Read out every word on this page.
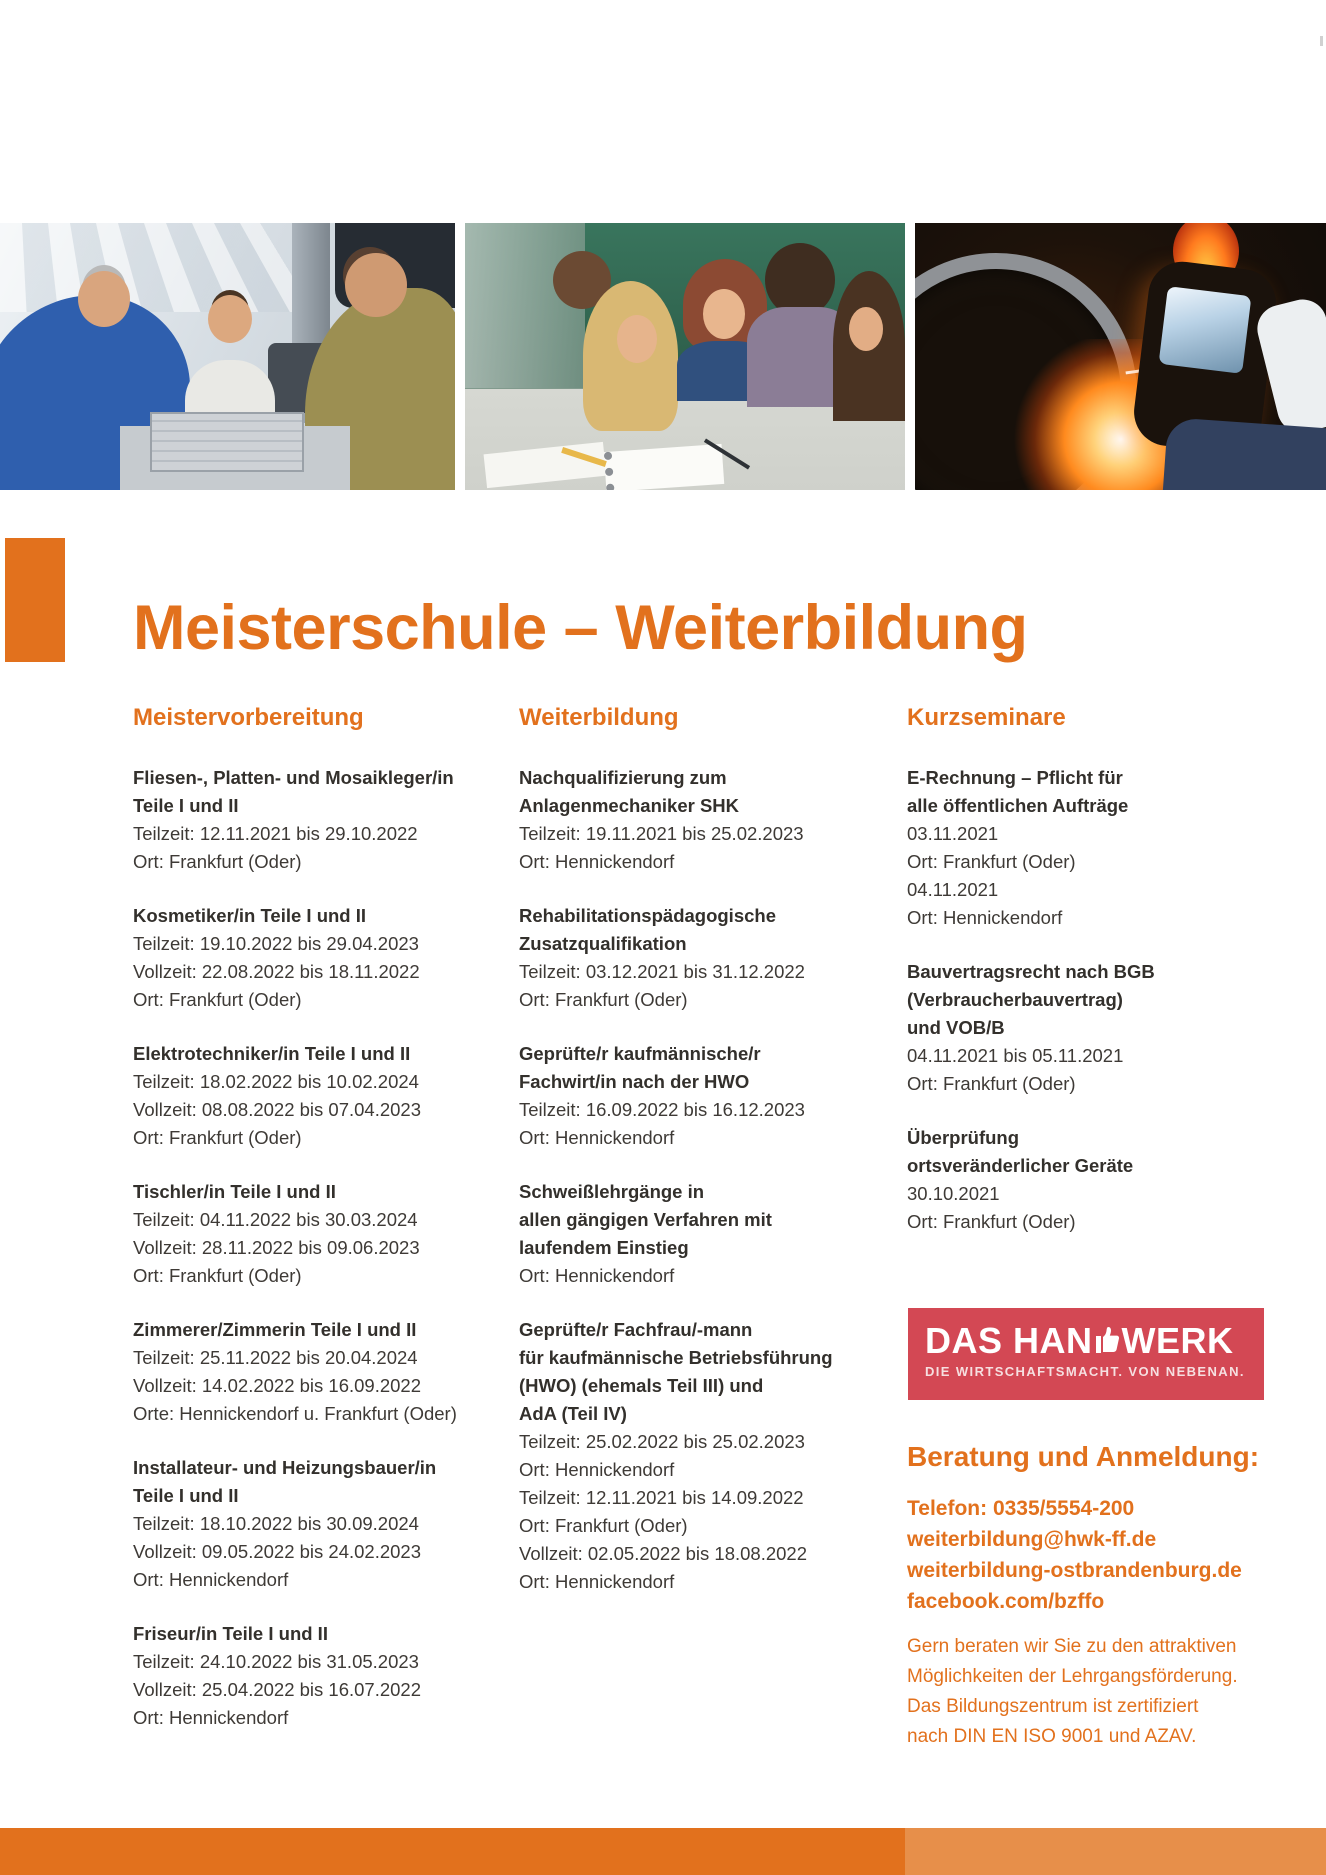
Meisterschule – Weiterbildung
Meistervorbereitung

Fliesen-, Platten- und Mosaikleger/in

Teile I und II

Teilzeit: 12.11.2021 bis 29.10.2022

Ort: Frankfurt (Oder)

Kosmetiker/in Teile I und II

Teilzeit: 19.10.2022 bis 29.04.2023

Vollzeit: 22.08.2022 bis 18.11.2022

Ort: Frankfurt (Oder)

Elektrotechniker/in Teile I und II

Teilzeit: 18.02.2022 bis 10.02.2024

Vollzeit: 08.08.2022 bis 07.04.2023

Ort: Frankfurt (Oder)

Tischler/in Teile I und II

Teilzeit: 04.11.2022 bis 30.03.2024

Vollzeit: 28.11.2022 bis 09.06.2023

Ort: Frankfurt (Oder)

Zimmerer/Zimmerin Teile I und II

Teilzeit: 25.11.2022 bis 20.04.2024

Vollzeit: 14.02.2022 bis 16.09.2022

Orte: Hennickendorf u. Frankfurt (Oder)

Installateur- und Heizungsbauer/in

Teile I und II

Teilzeit: 18.10.2022 bis 30.09.2024

Vollzeit: 09.05.2022 bis 24.02.2023

Ort: Hennickendorf

Friseur/in Teile I und II

Teilzeit: 24.10.2022 bis 31.05.2023

Vollzeit: 25.04.2022 bis 16.07.2022

Ort: Hennickendorf

Weiterbildung

Nachqualifizierung zum

Anlagenmechaniker SHK

Teilzeit: 19.11.2021 bis 25.02.2023

Ort: Hennickendorf

Rehabilitationspädagogische

Zusatzqualifikation

Teilzeit: 03.12.2021 bis 31.12.2022

Ort: Frankfurt (Oder)

Geprüfte/r kaufmännische/r

Fachwirt/in nach der HWO

Teilzeit: 16.09.2022 bis 16.12.2023

Ort: Hennickendorf

Schweißlehrgänge in

allen gängigen Verfahren mit

laufendem Einstieg

Ort: Hennickendorf

Geprüfte/r Fachfrau/-mann

für kaufmännische Betriebsführung

(HWO) (ehemals Teil III) und

AdA (Teil IV)

Teilzeit: 25.02.2022 bis 25.02.2023

Ort: Hennickendorf

Teilzeit: 12.11.2021 bis 14.09.2022

Ort: Frankfurt (Oder)

Vollzeit: 02.05.2022 bis 18.08.2022

Ort: Hennickendorf

Kurzseminare

E-Rechnung – Pflicht für

alle öffentlichen Aufträge

03.11.2021

Ort: Frankfurt (Oder)

04.11.2021

Ort: Hennickendorf

Bauvertragsrecht nach BGB

(Verbraucherbauvertrag)

und VOB/B

04.11.2021 bis 05.11.2021

Ort: Frankfurt (Oder)

Überprüfung

ortsveränderlicher Geräte

30.10.2021

Ort: Frankfurt (Oder)

DAS HAN WERK
DIE WIRTSCHAFTSMACHT. VON NEBENAN.
Beratung und Anmeldung:

Telefon: 0335/5554-200

weiterbildung@hwk-ff.de

weiterbildung-ostbrandenburg.de

facebook.com/bzffo

Gern beraten wir Sie zu den attraktiven

Möglichkeiten der Lehrgangsförderung.

Das Bildungszentrum ist zertifiziert

nach DIN EN ISO 9001 und AZAV.
